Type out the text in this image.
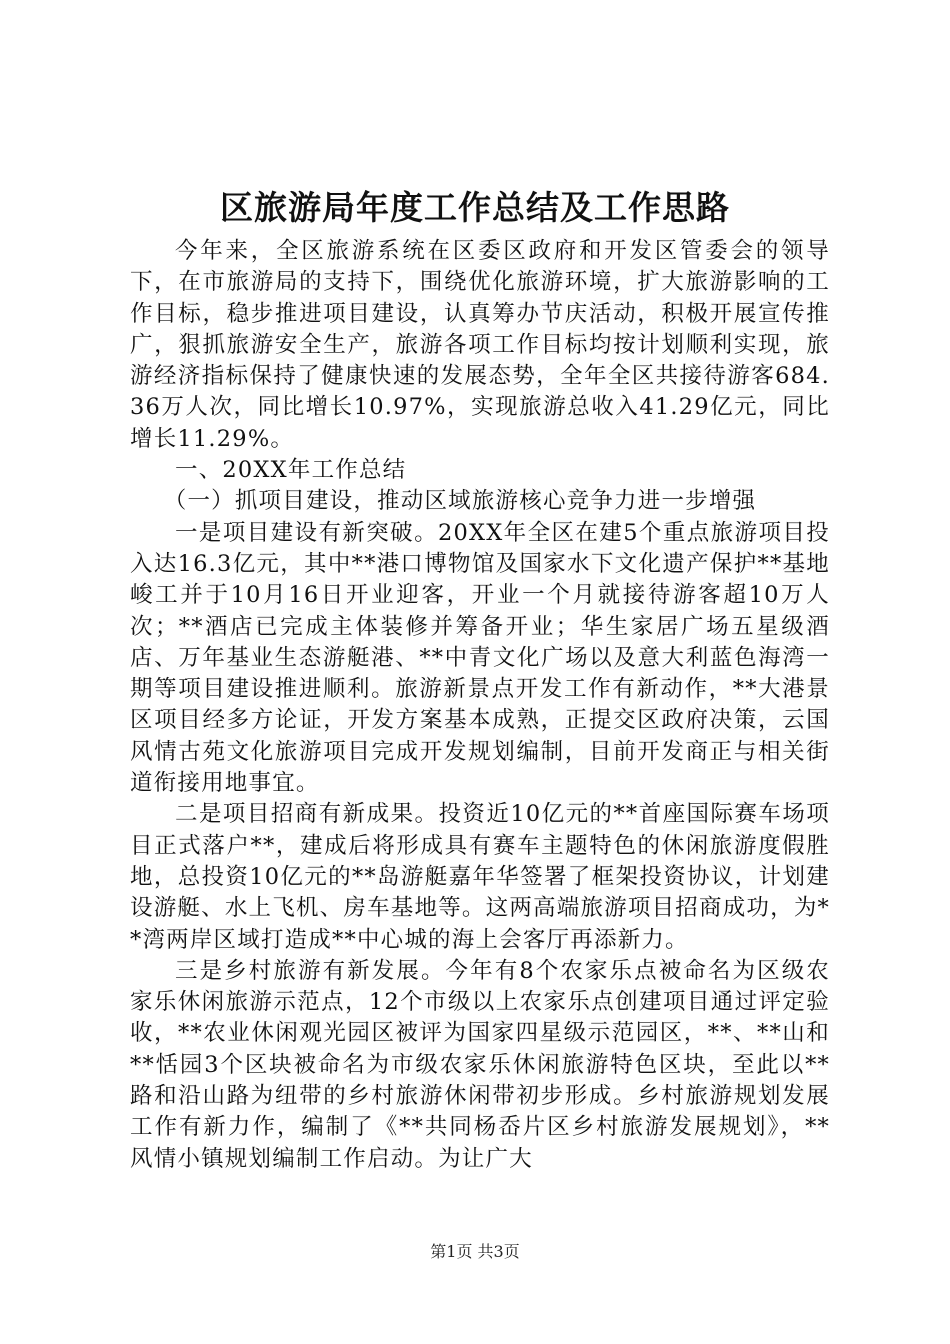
区旅游局年度工作总结及工作思路

今年来，全区旅游系统在区委区政府和开发区管委会的领导下，在市旅游局的支持下，围绕优化旅游环境，扩大旅游影响的工作目标，稳步推进项目建设，认真筹办节庆活动，积极开展宣传推广，狠抓旅游安全生产，旅游各项工作目标均按计划顺利实现，旅游经济指标保持了健康快速的发展态势，全年全区共接待游客684.36万人次，同比增长10.97%，实现旅游总收入41.29亿元，同比增长11.29%。

一、20XX年工作总结

（一）抓项目建设，推动区域旅游核心竞争力进一步增强

一是项目建设有新突破。20XX年全区在建5个重点旅游项目投入达16.3亿元，其中**港口博物馆及国家水下文化遗产保护**基地峻工并于10月16日开业迎客，开业一个月就接待游客超10万人次；**酒店已完成主体装修并筹备开业；华生家居广场五星级酒店、万年基业生态游艇港、**中青文化广场以及意大利蓝色海湾一期等项目建设推进顺利。旅游新景点开发工作有新动作，**大港景区项目经多方论证，开发方案基本成熟，正提交区政府决策，云国风情古苑文化旅游项目完成开发规划编制，目前开发商正与相关街道衔接用地事宜。

二是项目招商有新成果。投资近10亿元的**首座国际赛车场项目正式落户**，建成后将形成具有赛车主题特色的休闲旅游度假胜地，总投资10亿元的**岛游艇嘉年华签署了框架投资协议，计划建设游艇、水上飞机、房车基地等。这两高端旅游项目招商成功，为**湾两岸区域打造成**中心城的海上会客厅再添新力。

三是乡村旅游有新发展。今年有8个农家乐点被命名为区级农家乐休闲旅游示范点，12个市级以上农家乐点创建项目通过评定验收，**农业休闲观光园区被评为国家四星级示范园区，**、**山和**恬园3个区块被命名为市级农家乐休闲旅游特色区块，至此以**路和沿山路为纽带的乡村旅游休闲带初步形成。乡村旅游规划发展工作有新力作，编制了《**共同杨岙片区乡村旅游发展规划》，**风情小镇规划编制工作启动。为让广大

第1页 共3页
